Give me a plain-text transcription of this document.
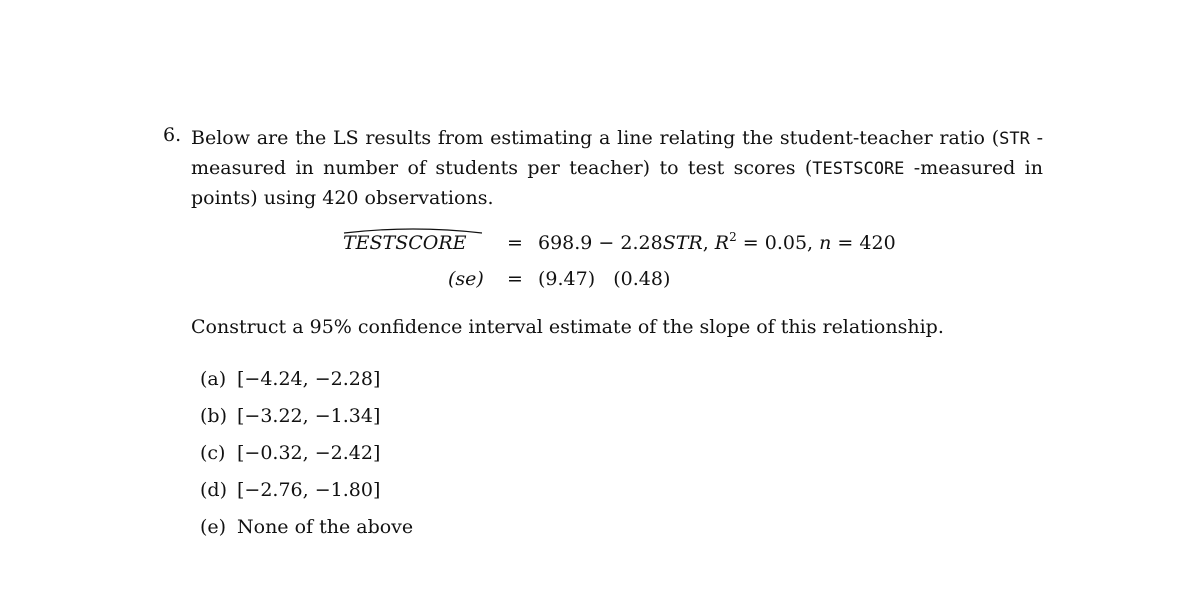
6. Below are the LS results from estimating a line relating the student-teacher ratio (STR -measured in number of students per teacher) to test scores (TESTSCORE -measured in points) using 420 observations.
TESTSCORE = 698.9 − 2.28STR, $R^2 = 0.05$, n = 420
(se) = (9.47)   (0.48)
Construct a 95% confidence interval estimate of the slope of this relationship.
(a) [−4.24, −2.28]
(b) [−3.22, −1.34]
(c) [−0.32, −2.42]
(d) [−2.76, −1.80]
(e) None of the above
